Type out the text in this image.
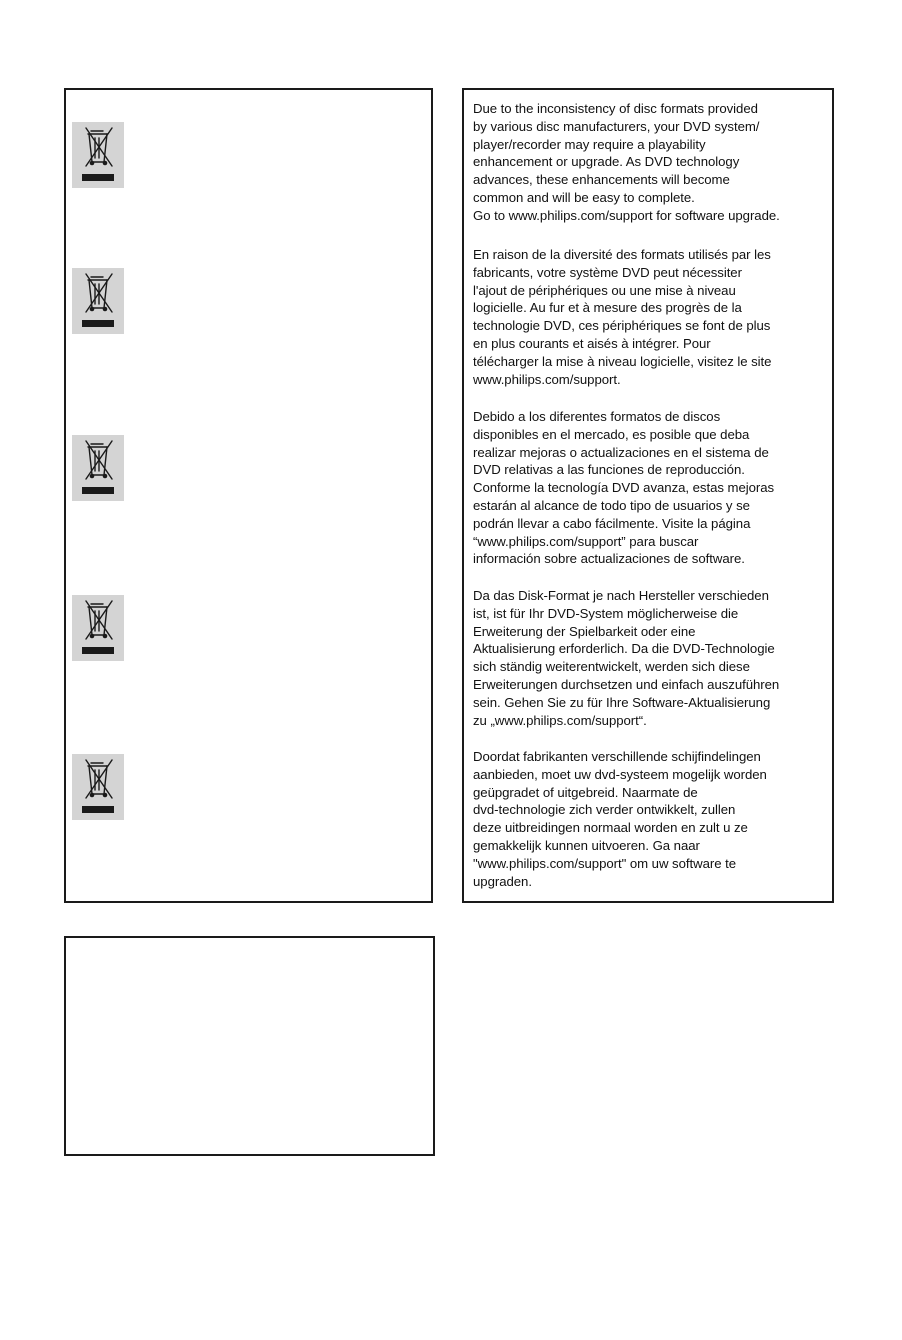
Due to the inconsistency of disc formats provided
by various disc manufacturers, your DVD system/
player/recorder may require a playability
enhancement or upgrade. As DVD technology
advances, these enhancements will become
common and will be easy to complete.
Go to www.philips.com/support for software upgrade.
En raison de la diversité des formats utilisés par les
fabricants, votre système DVD peut nécessiter
l'ajout de périphériques ou une mise à niveau
logicielle. Au fur et à mesure des progrès de la
technologie DVD, ces périphériques se font de plus
en plus courants et aisés à intégrer. Pour
télécharger la mise à niveau logicielle, visitez le site
www.philips.com/support.
Debido a los diferentes formatos de discos
disponibles en el mercado, es posible que deba
realizar mejoras o actualizaciones en el sistema de
DVD relativas a las funciones de reproducción.
Conforme la tecnología DVD avanza, estas mejoras
estarán al alcance de todo tipo de usuarios y se
podrán llevar a cabo fácilmente. Visite la página
“www.philips.com/support” para buscar
información sobre actualizaciones de software.
Da das Disk-Format je nach Hersteller verschieden
ist, ist für Ihr DVD-System möglicherweise die
Erweiterung der Spielbarkeit oder eine
Aktualisierung erforderlich. Da die DVD-Technologie
sich ständig weiterentwickelt, werden sich diese
Erweiterungen durchsetzen und einfach auszuführen
sein. Gehen Sie zu für Ihre Software-Aktualisierung
zu „www.philips.com/support“.
Doordat fabrikanten verschillende schijfindelingen
aanbieden, moet uw dvd-systeem mogelijk worden
geüpgradet of uitgebreid. Naarmate de
dvd-technologie zich verder ontwikkelt, zullen
deze uitbreidingen normaal worden en zult u ze
gemakkelijk kunnen uitvoeren. Ga naar
"www.philips.com/support" om uw software te
upgraden.
